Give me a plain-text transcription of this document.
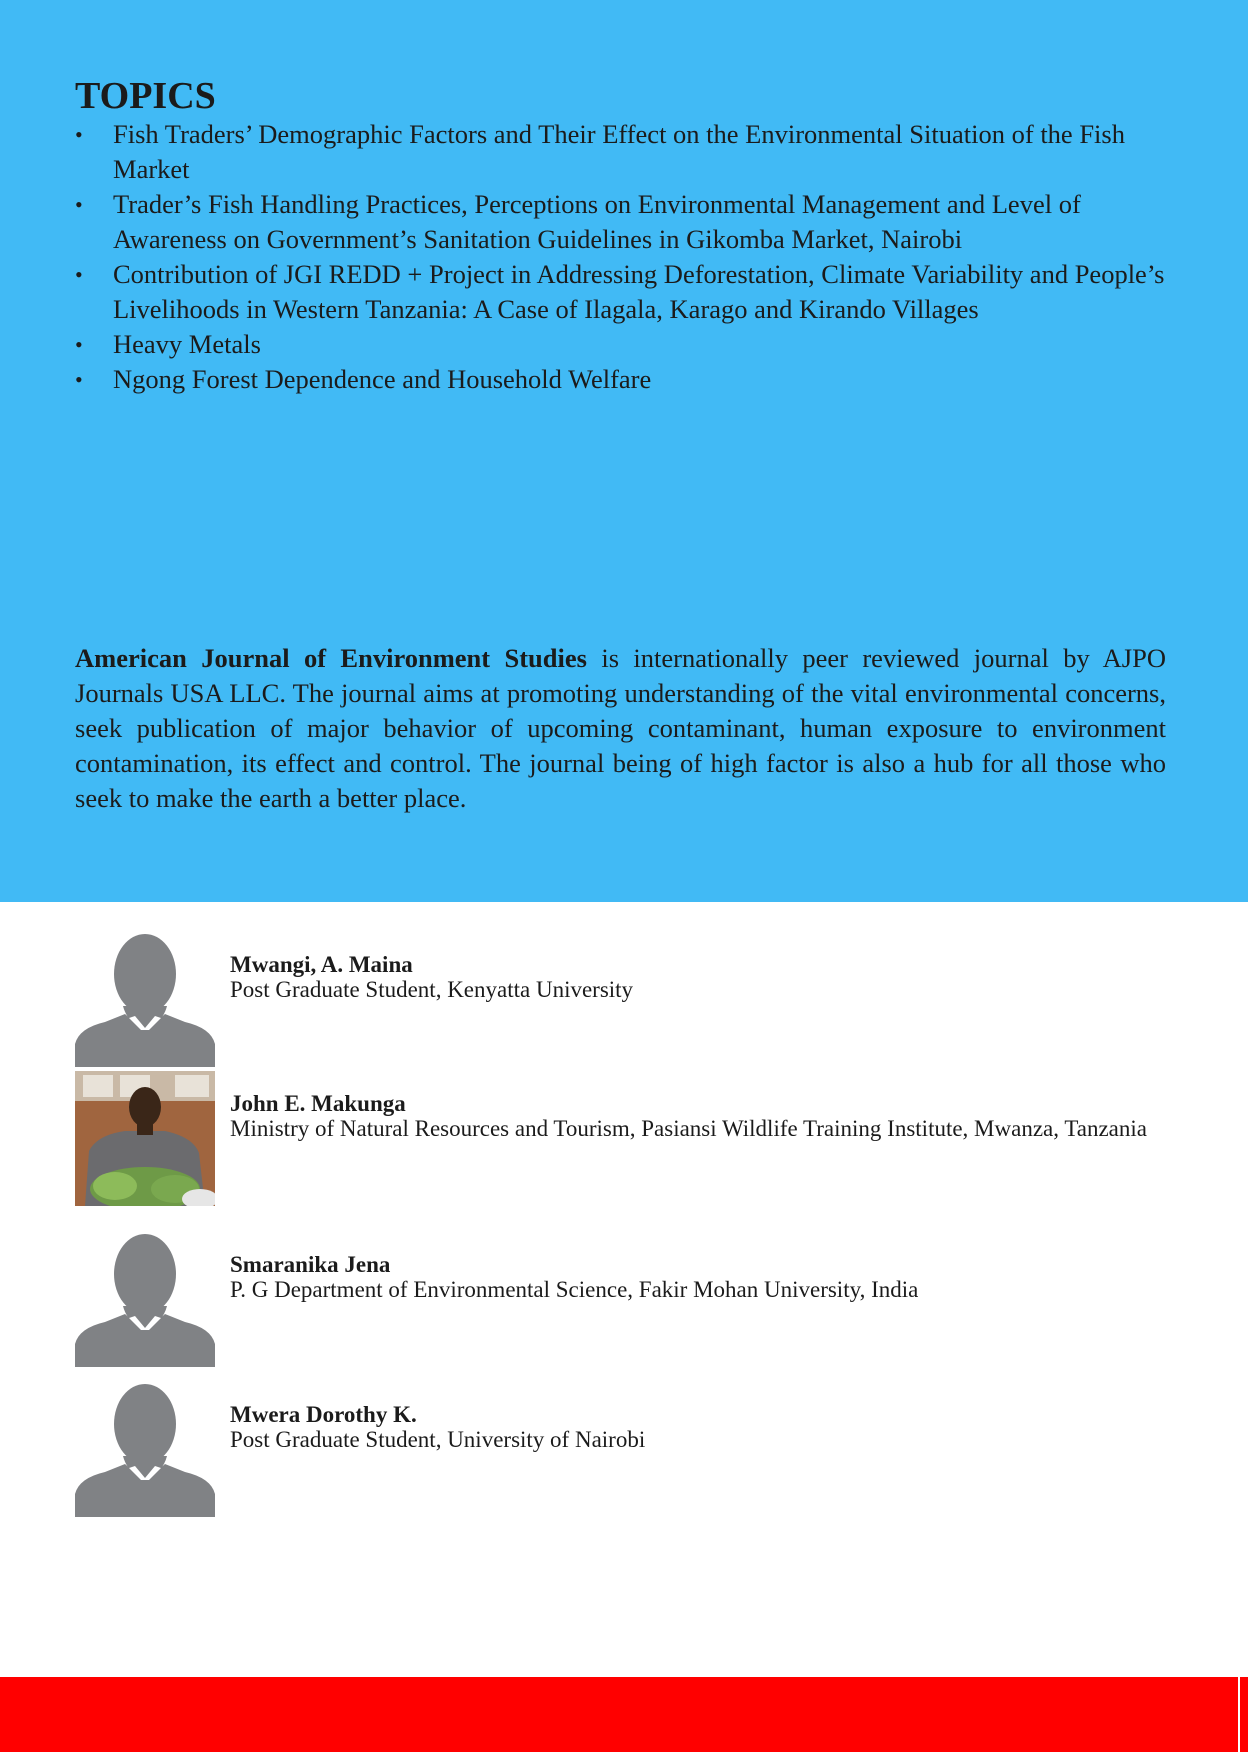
TOPICS
• Fish Traders’ Demographic Factors and Their Effect on the Environmental Situation of the Fish Market
• Trader’s Fish Handling Practices, Perceptions on Environmental Management and Level of Awareness on Government’s Sanitation Guidelines in Gikomba Market, Nairobi
• Contribution of JGI REDD + Project in Addressing Deforestation, Climate Variability and People’s Livelihoods in Western Tanzania: A Case of Ilagala, Karago and Kirando Villages
• Heavy Metals
• Ngong Forest Dependence and Household Welfare

American Journal of Environment Studies is internationally peer reviewed journal by AJPO Journals USA LLC. The journal aims at promoting understanding of the vital environmental concerns, seek publication of major behavior of upcoming contaminant, human exposure to environment contamination, its effect and control. The journal being of high factor is also a hub for all those who seek to make the earth a better place.

Mwangi, A. Maina
Post Graduate Student, Kenyatta University
John E. Makunga
Ministry of Natural Resources and Tourism, Pasiansi Wildlife Training Institute, Mwanza, Tanzania
Smaranika Jena
P. G Department of Environmental Science, Fakir Mohan University, India
Mwera Dorothy K.
Post Graduate Student, University of Nairobi
